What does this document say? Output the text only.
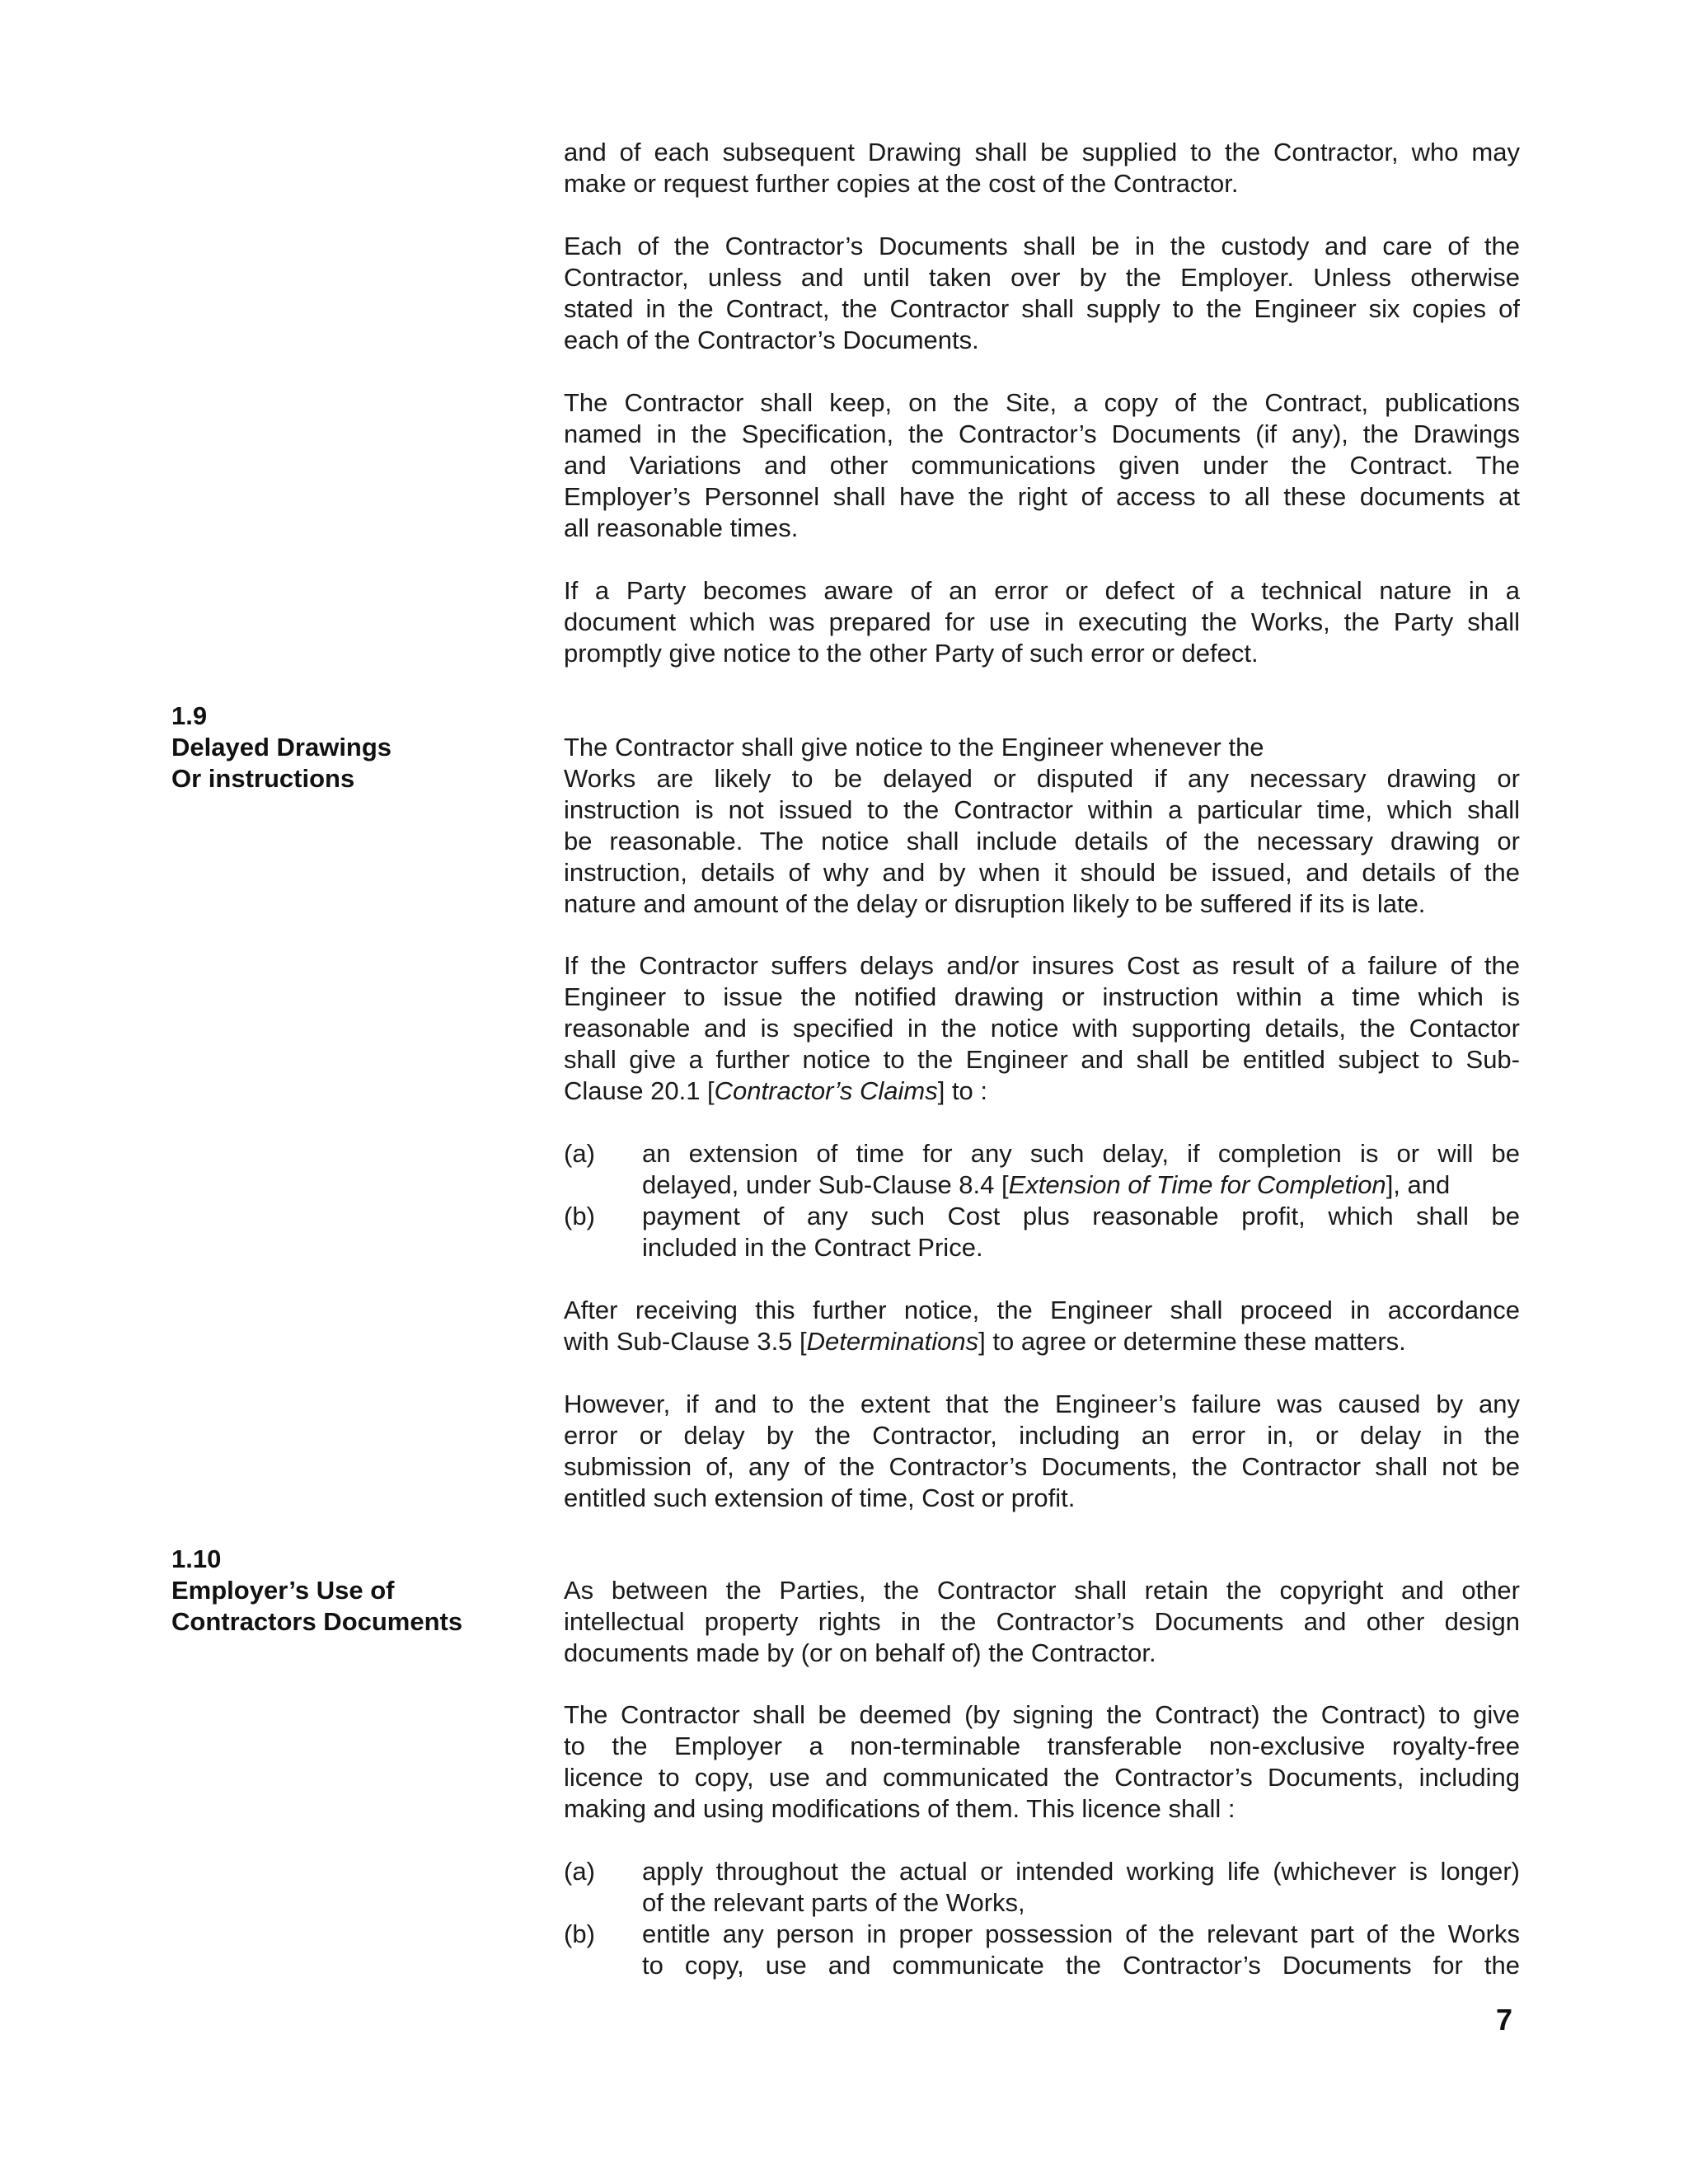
and of each subsequent Drawing shall be supplied to the Contractor, who may
make or request further copies at the cost of the Contractor.

Each of the Contractor’s Documents shall be in the custody and care of the
Contractor, unless and until taken over by the Employer. Unless otherwise
stated in the Contract, the Contractor shall supply to the Engineer six copies of
each of the Contractor’s Documents.

The Contractor shall keep, on the Site, a copy of the Contract, publications
named in the Specification, the Contractor’s Documents (if any), the Drawings
and Variations and other communications given under the Contract. The
Employer’s Personnel shall have the right of access to all these documents at
all reasonable times.

If a Party becomes aware of an error or defect of a technical nature in a
document which was prepared for use in executing the Works, the Party shall
promptly give notice to the other Party of such error or defect.

1.9
Delayed Drawings
Or instructions

The Contractor shall give notice to the Engineer whenever the
Works are likely to be delayed or disputed if any necessary drawing or
instruction is not issued to the Contractor within a particular time, which shall
be reasonable. The notice shall include details of the necessary drawing or
instruction, details of why and by when it should be issued, and details of the
nature and amount of the delay or disruption likely to be suffered if its is late.

If the Contractor suffers delays and/or insures Cost as result of a failure of the
Engineer to issue the notified drawing or instruction within a time which is
reasonable and is specified in the notice with supporting details, the Contactor
shall give a further notice to the Engineer and shall be entitled subject to Sub-
Clause 20.1 [Contractor’s Claims] to :

(a) an extension of time for any such delay, if completion is or will be
delayed, under Sub-Clause 8.4 [Extension of Time for Completion], and
(b) payment of any such Cost plus reasonable profit, which shall be
included in the Contract Price.

After receiving this further notice, the Engineer shall proceed in accordance
with Sub-Clause 3.5 [Determinations] to agree or determine these matters.

However, if and to the extent that the Engineer’s failure was caused by any
error or delay by the Contractor, including an error in, or delay in the
submission of, any of the Contractor’s Documents, the Contractor shall not be
entitled such extension of time, Cost or profit.

1.10
Employer’s Use of
Contractors Documents

As between the Parties, the Contractor shall retain the copyright and other
intellectual property rights in the Contractor’s Documents and other design
documents made by (or on behalf of) the Contractor.

The Contractor shall be deemed (by signing the Contract) the Contract) to give
to the Employer a non-terminable transferable non-exclusive royalty-free
licence to copy, use and communicated the Contractor’s Documents, including
making and using modifications of them. This licence shall :

(a) apply throughout the actual or intended working life (whichever is longer)
of the relevant parts of the Works,
(b) entitle any person in proper possession of the relevant part of the Works
to copy, use and communicate the Contractor’s Documents for the
7
